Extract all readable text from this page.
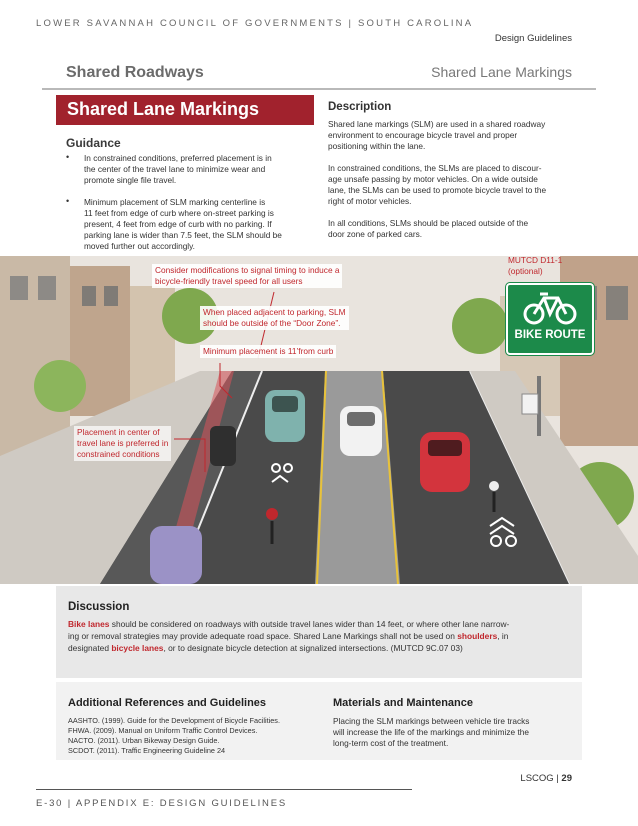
LOWER SAVANNAH COUNCIL OF GOVERNMENTS | SOUTH CAROLINA
Design Guidelines
Shared Roadways	Shared Lane Markings
Shared Lane Markings
Guidance
• In constrained conditions, preferred placement is in
the center of the travel lane to minimize wear and
promote single file travel.
• Minimum placement of SLM marking centerline is
11 feet from edge of curb where on-street parking is
present, 4 feet from edge of curb with no parking. If
parking lane is wider than 7.5 feet, the SLM should be
moved further out accordingly.
Description
Shared lane markings (SLM) are used in a shared roadway
environment to encourage bicycle travel and proper
positioning within the lane.
In constrained conditions, the SLMs are placed to discour-
age unsafe passing by motor vehicles. On a wide outside
lane, the SLMs can be used to promote bicycle travel to the
right of motor vehicles.
In all conditions, SLMs should be placed outside of the
door zone of parked cars.
BIKE ROUTE
Consider modifications to signal timing to induce a
bicycle-friendly travel speed for all users
When placed adjacent to parking, SLM
should be outside of the “Door Zone”.
Minimum placement is 11’from curb
Placement in center of
travel lane is preferred in
constrained conditions
MUTCD D11-1
(optional)
Discussion
Bike lanes should be considered on roadways with outside travel lanes wider than 14 feet, or where other lane narrow-
ing or removal strategies may provide adequate road space. Shared Lane Markings shall not be used on shoulders, in
designated bicycle lanes, or to designate bicycle detection at signalized intersections. (MUTCD 9C.07 03)
Additional References and Guidelines
AASHTO. (1999). Guide for the Development of Bicycle Facilities.
FHWA. (2009). Manual on Uniform Traffic Control Devices.
NACTO. (2011). Urban Bikeway Design Guide.
SCDOT. (2011). Traffic Engineering Guideline 24
Materials and Maintenance
Placing the SLM markings between vehicle tire tracks
will increase the life of the markings and minimize the
long-term cost of the treatment.
LSCOG | 29
E-30 | APPENDIX E: DESIGN GUIDELINES
